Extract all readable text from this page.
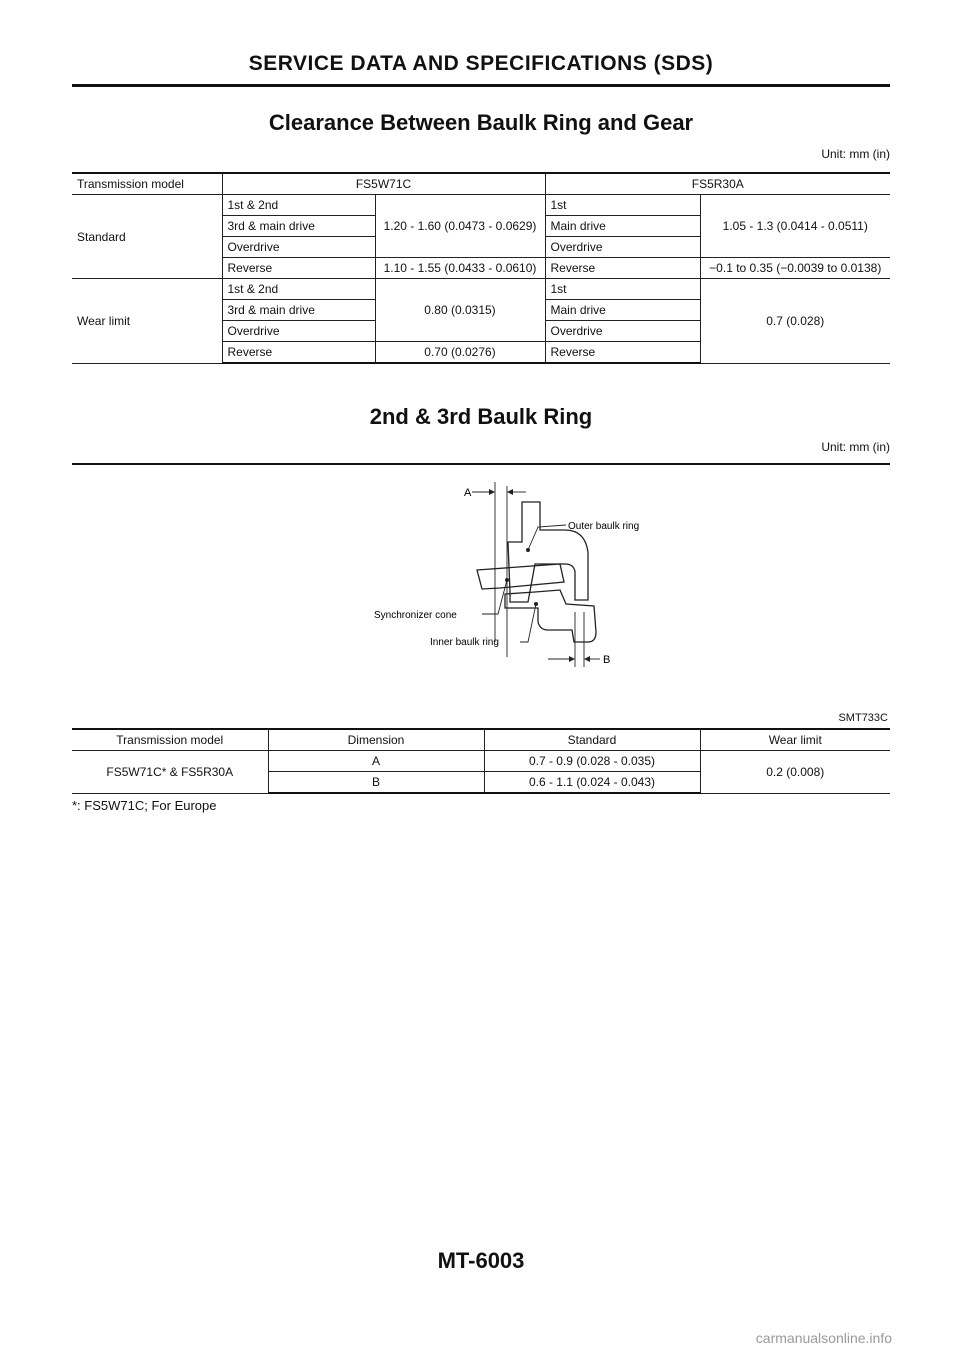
SERVICE DATA AND SPECIFICATIONS (SDS)
Clearance Between Baulk Ring and Gear
Unit: mm (in)
Transmission model	FS5W71C		FS5R30A	
Standard	1st & 2nd	1.20 - 1.60 (0.0473 - 0.0629)	1st	1.05 - 1.3 (0.0414 - 0.0511)
	3rd & main drive		Main drive	
	Overdrive		Overdrive	
	Reverse	1.10 - 1.55 (0.0433 - 0.0610)	Reverse	−0.1 to 0.35 (−0.0039 to 0.0138)
Wear limit	1st & 2nd	0.80 (0.0315)	1st	0.7 (0.028)
	3rd & main drive		Main drive	
	Overdrive		Overdrive	
	Reverse	0.70 (0.0276)	Reverse	
2nd & 3rd Baulk Ring
Unit: mm (in)
A
B
Outer baulk ring
Synchronizer cone
Inner baulk ring
SMT733C
Transmission model	Dimension	Standard	Wear limit
FS5W71C* & FS5R30A	A	0.7 - 0.9 (0.028 - 0.035)	0.2 (0.008)
	B	0.6 - 1.1 (0.024 - 0.043)	
*: FS5W71C; For Europe
MT-6003
carmanualsonline.info
